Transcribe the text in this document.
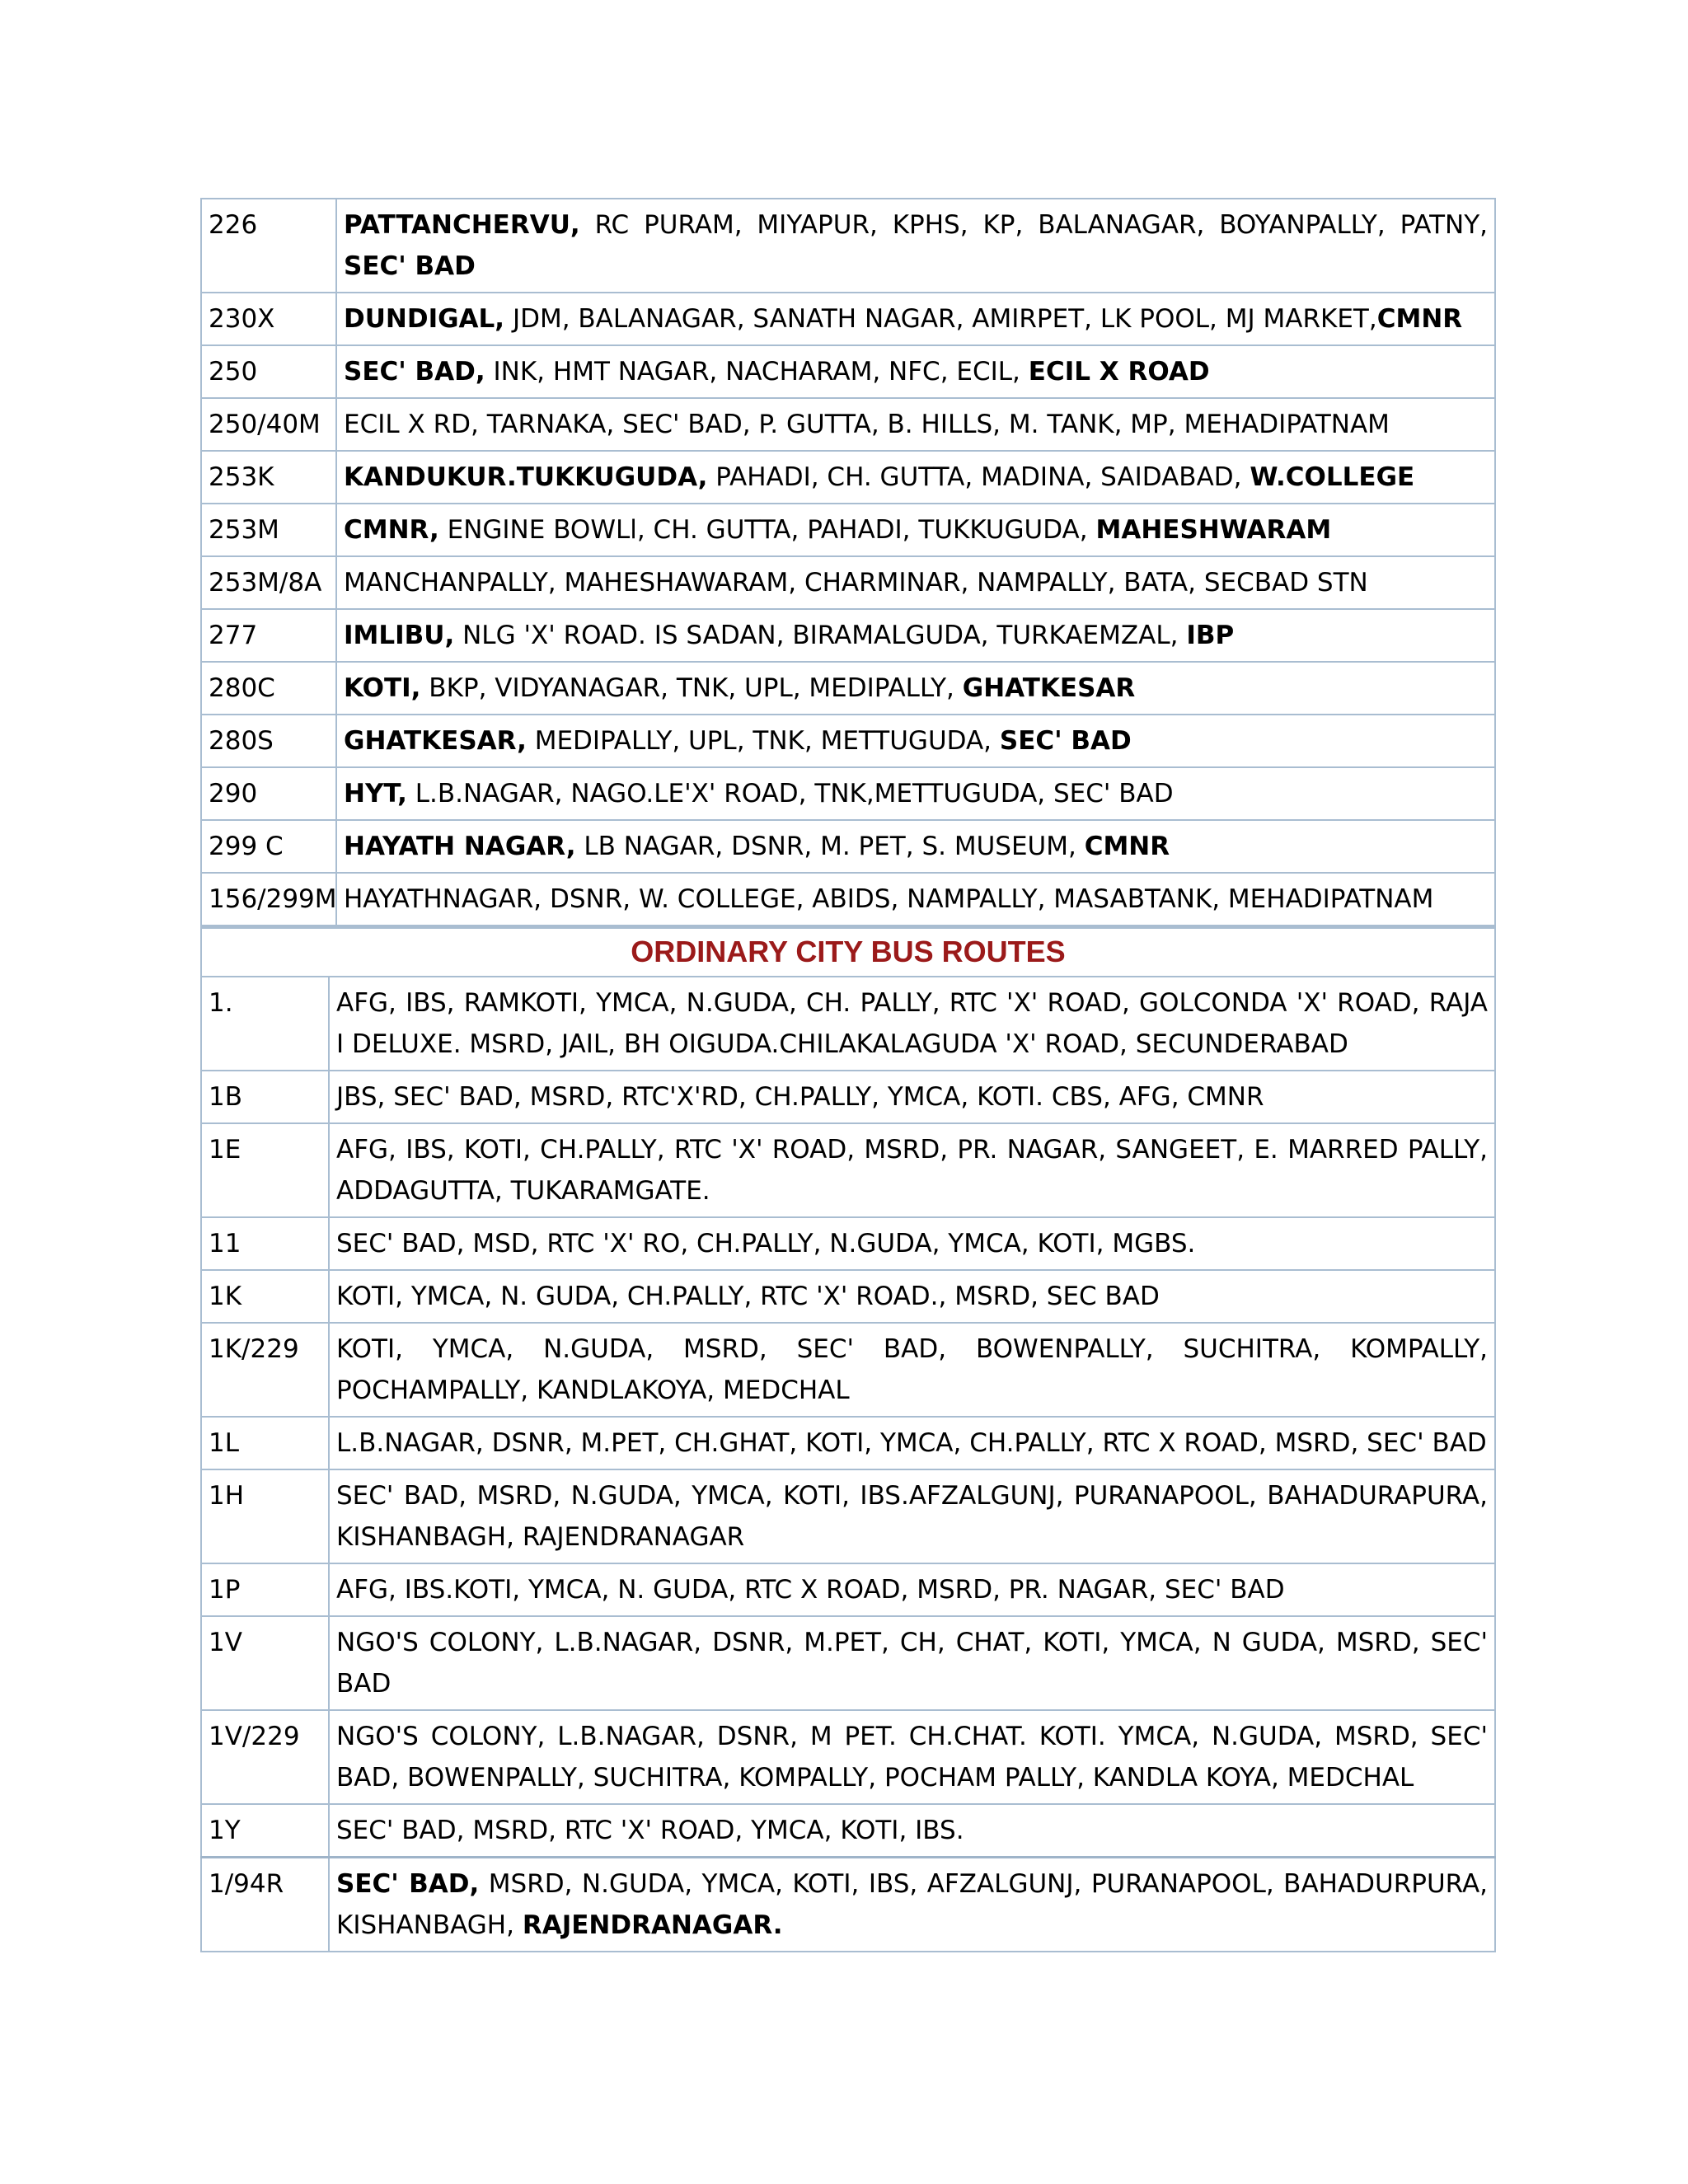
226	PATTANCHERVU, RC PURAM, MIYAPUR, KPHS, KP, BALANAGAR, BOYANPALLY, PATNY, SEC' BAD
230X	DUNDIGAL, JDM, BALANAGAR, SANATH NAGAR, AMIRPET, LK POOL, MJ MARKET,CMNR
250	SEC' BAD, INK, HMT NAGAR, NACHARAM, NFC, ECIL, ECIL X ROAD
250/40M	ECIL X RD, TARNAKA, SEC' BAD, P. GUTTA, B. HILLS, M. TANK, MP, MEHADIPATNAM
253K	KANDUKUR.TUKKUGUDA, PAHADI, CH. GUTTA, MADINA, SAIDABAD, W.COLLEGE
253M	CMNR, ENGINE BOWLl, CH. GUTTA, PAHADI, TUKKUGUDA, MAHESHWARAM
253M/8A	MANCHANPALLY, MAHESHAWARAM, CHARMINAR, NAMPALLY, BATA, SECBAD STN
277	IMLIBU, NLG 'X' ROAD. IS SADAN, BIRAMALGUDA, TURKAEMZAL, IBP
280C	KOTI, BKP, VIDYANAGAR, TNK, UPL, MEDIPALLY, GHATKESAR
280S	GHATKESAR, MEDIPALLY, UPL, TNK, METTUGUDA, SEC' BAD
290	HYT, L.B.NAGAR, NAGO.LE'X' ROAD, TNK,METTUGUDA, SEC' BAD
299 C	HAYATH NAGAR, LB NAGAR, DSNR, M. PET, S. MUSEUM, CMNR
156/299M	HAYATHNAGAR, DSNR, W. COLLEGE, ABIDS, NAMPALLY, MASABTANK, MEHADIPATNAM
ORDINARY CITY BUS ROUTES	
1.	AFG, IBS, RAMKOTI, YMCA, N.GUDA, CH. PALLY, RTC 'X' ROAD, GOLCONDA 'X' ROAD, RAJA I DELUXE. MSRD, JAIL, BH OIGUDA.CHILAKALAGUDA 'X' ROAD, SECUNDERABAD
1B	JBS, SEC' BAD, MSRD, RTC'X'RD, CH.PALLY, YMCA, KOTI. CBS, AFG, CMNR
1E	AFG, IBS, KOTI, CH.PALLY, RTC 'X' ROAD, MSRD, PR. NAGAR, SANGEET, E. MARRED PALLY, ADDAGUTTA, TUKARAMGATE.
11	SEC' BAD, MSD, RTC 'X' RO, CH.PALLY, N.GUDA, YMCA, KOTI, MGBS.
1K	KOTI, YMCA, N. GUDA, CH.PALLY, RTC 'X' ROAD., MSRD, SEC BAD
1K/229	KOTI, YMCA, N.GUDA, MSRD, SEC' BAD, BOWENPALLY, SUCHITRA, KOMPALLY, POCHAMPALLY, KANDLAKOYA, MEDCHAL
1L	L.B.NAGAR, DSNR, M.PET, CH.GHAT, KOTI, YMCA, CH.PALLY, RTC X ROAD, MSRD, SEC' BAD
1H	SEC' BAD, MSRD, N.GUDA, YMCA, KOTI, IBS.AFZALGUNJ, PURANAPOOL, BAHADURAPURA, KISHANBAGH, RAJENDRANAGAR
1P	AFG, IBS.KOTI, YMCA, N. GUDA, RTC X ROAD, MSRD, PR. NAGAR, SEC' BAD
1V	NGO'S COLONY, L.B.NAGAR, DSNR, M.PET, CH, CHAT, KOTI, YMCA, N GUDA, MSRD, SEC' BAD
1V/229	NGO'S COLONY, L.B.NAGAR, DSNR, M PET. CH.CHAT. KOTI. YMCA, N.GUDA, MSRD, SEC' BAD, BOWENPALLY, SUCHITRA, KOMPALLY, POCHAM PALLY, KANDLA KOYA, MEDCHAL
1Y	SEC' BAD, MSRD, RTC 'X' ROAD, YMCA, KOTI, IBS.
1/94R	SEC' BAD, MSRD, N.GUDA, YMCA, KOTI, IBS, AFZALGUNJ, PURANAPOOL, BAHADURPURA, KISHANBAGH, RAJENDRANAGAR.
